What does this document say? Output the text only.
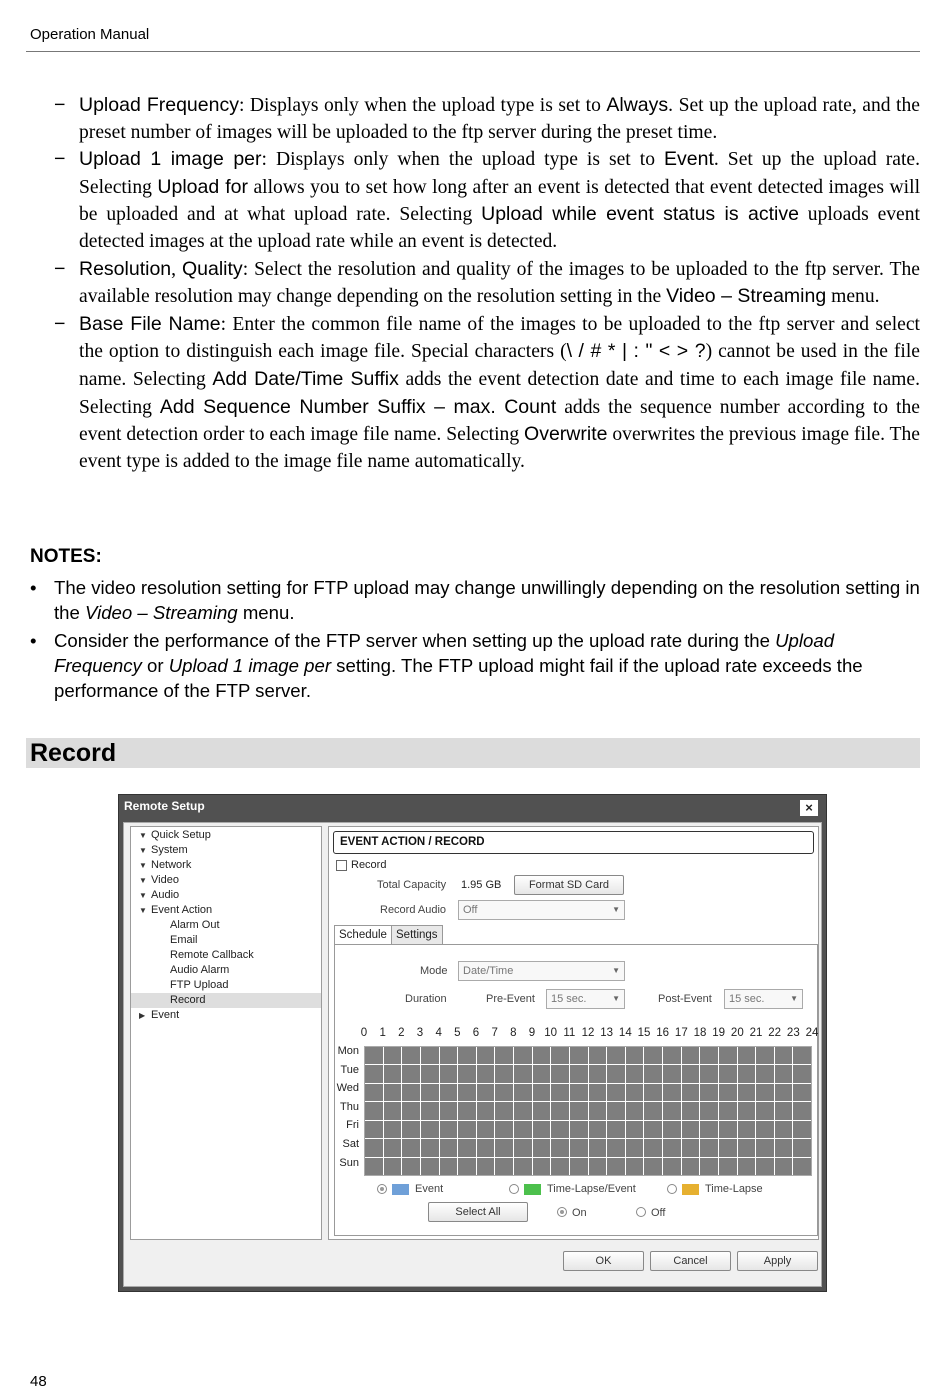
Operation Manual
− Upload Frequency: Displays only when the upload type is set to Always. Set up the upload rate, and the preset number of images will be uploaded to the ftp server during the preset time.
− Upload 1 image per: Displays only when the upload type is set to Event. Set up the upload rate. Selecting Upload for allows you to set how long after an event is detected that event detected images will be uploaded and at what upload rate. Selecting Upload while event status is active uploads event detected images at the upload rate while an event is detected.
− Resolution, Quality: Select the resolution and quality of the images to be uploaded to the ftp server. The available resolution may change depending on the resolution setting in the Video – Streaming menu.
− Base File Name: Enter the common file name of the images to be uploaded to the ftp server and select the option to distinguish each image file. Special characters (\ / # * | : " < > ?) cannot be used in the file name. Selecting Add Date/Time Suffix adds the event detection date and time to each image file name. Selecting Add Sequence Number Suffix – max. Count adds the sequence number according to the event detection order to each image file name. Selecting Overwrite overwrites the previous image file. The event type is added to the image file name automatically.
NOTES:
• The video resolution setting for FTP upload may change unwillingly depending on the resolution setting in the Video – Streaming menu.
• Consider the performance of the FTP server when setting up the upload rate during the Upload Frequency or Upload 1 image per setting. The FTP upload might fail if the upload rate exceeds the performance of the FTP server.
Record
Remote Setup	×
▼ Quick Setup
▼ System
▼ Network
▼ Video
▼ Audio
▼ Event Action
Alarm Out
Email
Remote Callback
Audio Alarm
FTP Upload
Record
▶ Event
EVENT ACTION / RECORD
Record
Total Capacity 1.95 GB	Format SD Card
Record Audio	Off	▼
Schedule Settings
Mode	Date/Time	▼
Duration	Pre-Event	15 sec.	▼	Post-Event	15 sec.	▼
0 1 2 3 4 5 6 7 8 9 10 11 12 13 14 15 16 17 18 19 20 21 22 23 24
Mon
Tue
Wed
Thu
Fri
Sat
Sun
Event	Time-Lapse/Event	Time-Lapse
Select All	On	Off
OK	Cancel	Apply
48
